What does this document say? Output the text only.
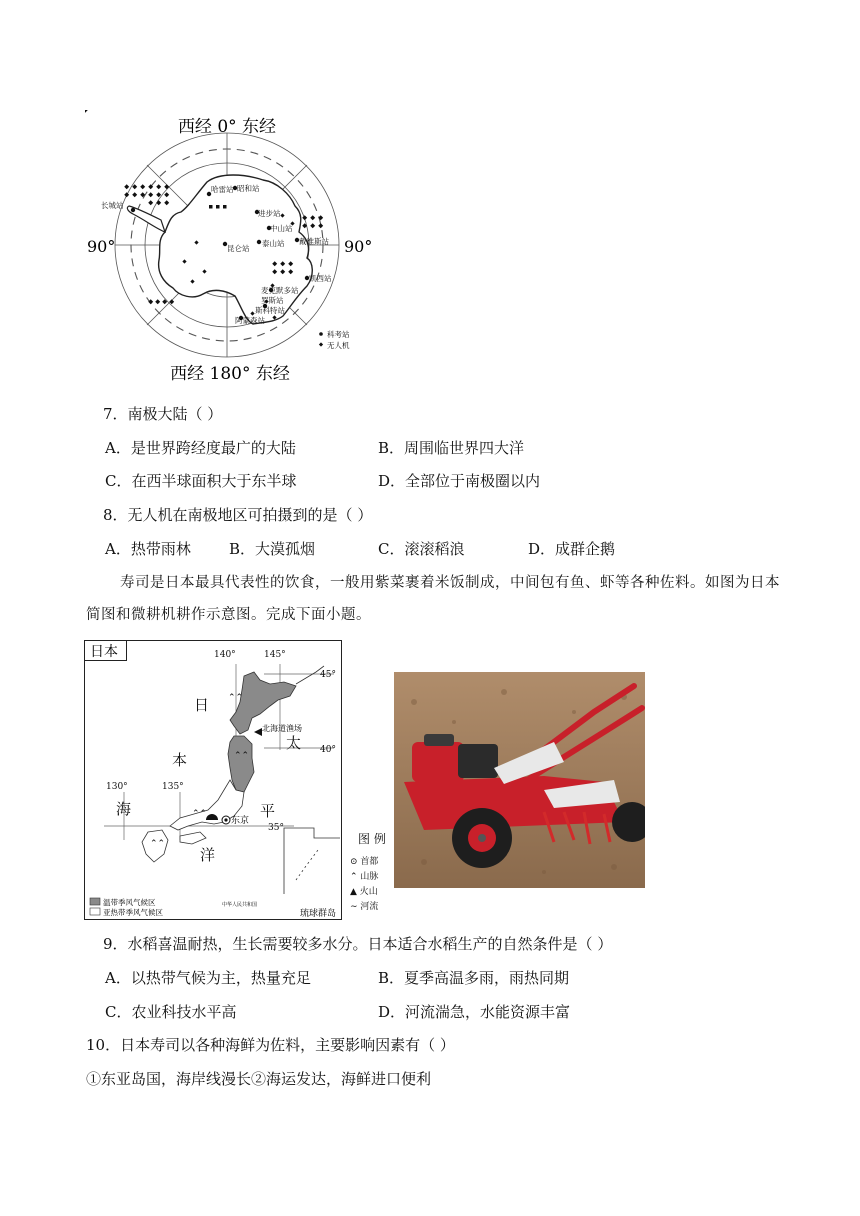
西经 0° 东经
西经 180° 东经
90°	90°
哈雷站 昭和站
长城站
进步站
中山站
泰山站
昆仑站
戴维斯站
凯西站
麦克默多站
罗斯站
斯科特站
阿蒙森站
科考站
无人机
7．南极大陆（ ）
A．是世界跨经度最广的大陆	B．周围临世界四大洋
C．在西半球面积大于东半球	D．全部位于南极圈以内
8．无人机在南极地区可拍摄到的是（ ）
A．热带雨林	B．大漠孤烟	C．滚滚稻浪	D．成群企鹅
寿司是日本最具代表性的饮食，一般用紫菜裹着米饭制成，中间包有鱼、虾等各种佐料。如图为日本
简图和微耕机耕作示意图。完成下面小题。
日本	140°	145°
45°
40°
35°
130°	135°
日
本
海
太
平
洋
⌃⌃
⌃⌃
⌃⌃
⌃⌃
北海道渔场
东京
琉球群岛
中华人民共和国
温带季风气候区
亚热带季风气候区
图 例
⊙ 首都
⌃ 山脉
▲ 火山
∼ 河流
9．水稻喜温耐热，生长需要较多水分。日本适合水稻生产的自然条件是（ ）
A．以热带气候为主，热量充足	B．夏季高温多雨，雨热同期
C．农业科技水平高	D．河流湍急，水能资源丰富
10．日本寿司以各种海鲜为佐料，主要影响因素有（ ）
①东亚岛国，海岸线漫长②海运发达，海鲜进口便利
